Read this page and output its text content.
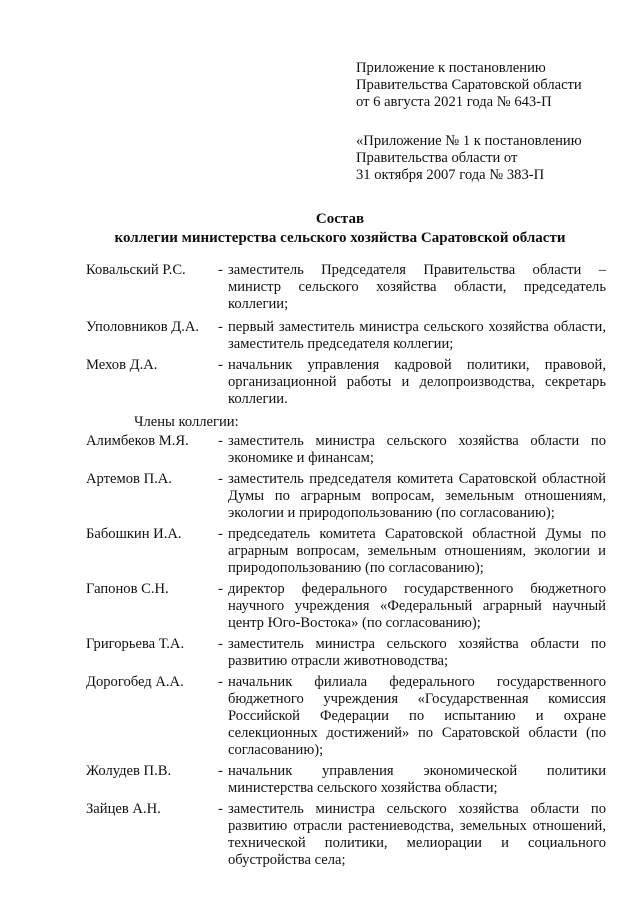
Приложение к постановлению
Правительства Саратовской области
от 6 августа 2021 года № 643-П
«Приложение № 1 к постановлению
Правительства области от
31 октября 2007 года № 383-П
Состав
коллегии министерства сельского хозяйства Саратовской области
Ковальский Р.С.	- заместитель Председателя Правительства области – министр сельского хозяйства области, председатель коллегии;
Уполовников Д.А.	- первый заместитель министра сельского хозяйства области, заместитель председателя коллегии;
Мехов Д.А.	- начальник управления кадровой политики, правовой, организационной работы и делопроизводства, секретарь коллегии.
Члены коллегии:
Алимбеков М.Я.	- заместитель министра сельского хозяйства области по экономике и финансам;
Артемов П.А.	- заместитель председателя комитета Саратовской областной Думы по аграрным вопросам, земельным отношениям, экологии и природопользованию (по согласованию);
Бабошкин И.А.	- председатель комитета Саратовской областной Думы по аграрным вопросам, земельным отношениям, экологии и природопользованию (по согласованию);
Гапонов С.Н.	- директор федерального государственного бюджетного научного учреждения «Федеральный аграрный научный центр Юго-Востока» (по согласованию);
Григорьева Т.А.	- заместитель министра сельского хозяйства области по развитию отрасли животноводства;
Дорогобед А.А.	- начальник филиала федерального государственного бюджетного учреждения «Государственная комиссия Российской Федерации по испытанию и охране селекционных достижений» по Саратовской области (по согласованию);
Жолудев П.В.	- начальник управления экономической политики министерства сельского хозяйства области;
Зайцев А.Н.	- заместитель министра сельского хозяйства области по развитию отрасли растениеводства, земельных отношений, технической политики, мелиорации и социального обустройства села;
